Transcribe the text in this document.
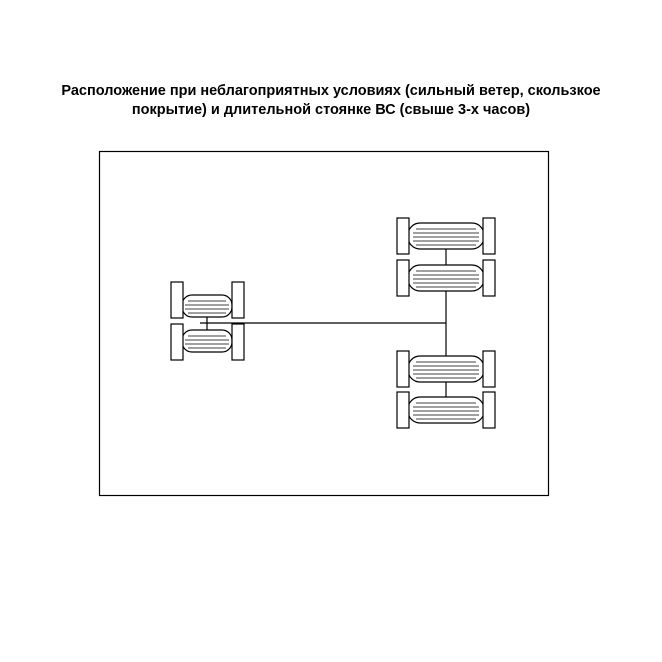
Расположение при неблагоприятных условиях (сильный ветер, скользкое
покрытие) и длительной стоянке ВС (свыше 3-х часов)
